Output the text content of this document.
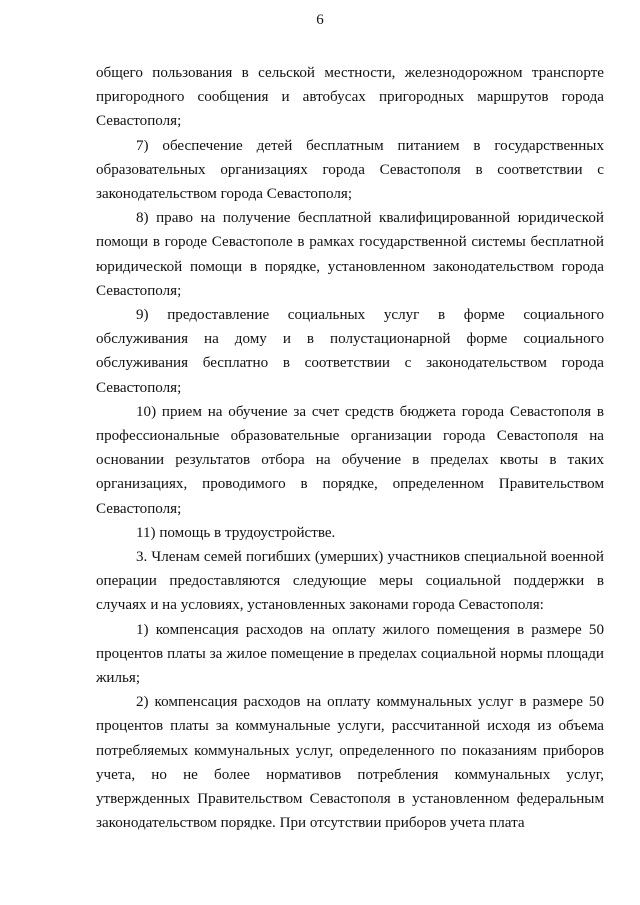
6

общего пользования в сельской местности, железнодорожном транспорте пригородного сообщения и автобусах пригородных маршрутов города Севастополя;

7) обеспечение детей бесплатным питанием в государственных образовательных организациях города Севастополя в соответствии с законодательством города Севастополя;

8) право на получение бесплатной квалифицированной юридической помощи в городе Севастополе в рамках государственной системы бесплатной юридической помощи в порядке, установленном законодательством города Севастополя;

9) предоставление социальных услуг в форме социального обслуживания на дому и в полустационарной форме социального обслуживания бесплатно в соответствии с законодательством города Севастополя;

10) прием на обучение за счет средств бюджета города Севастополя в профессиональные образовательные организации города Севастополя на основании результатов отбора на обучение в пределах квоты в таких организациях, проводимого в порядке, определенном Правительством Севастополя;

11) помощь в трудоустройстве.

3. Членам семей погибших (умерших) участников специальной военной операции предоставляются следующие меры социальной поддержки в случаях и на условиях, установленных законами города Севастополя:

1) компенсация расходов на оплату жилого помещения в размере 50 процентов платы за жилое помещение в пределах социальной нормы площади жилья;

2) компенсация расходов на оплату коммунальных услуг в размере 50 процентов платы за коммунальные услуги, рассчитанной исходя из объема потребляемых коммунальных услуг, определенного по показаниям приборов учета, но не более нормативов потребления коммунальных услуг, утвержденных Правительством Севастополя в установленном федеральным законодательством порядке. При отсутствии приборов учета плата
